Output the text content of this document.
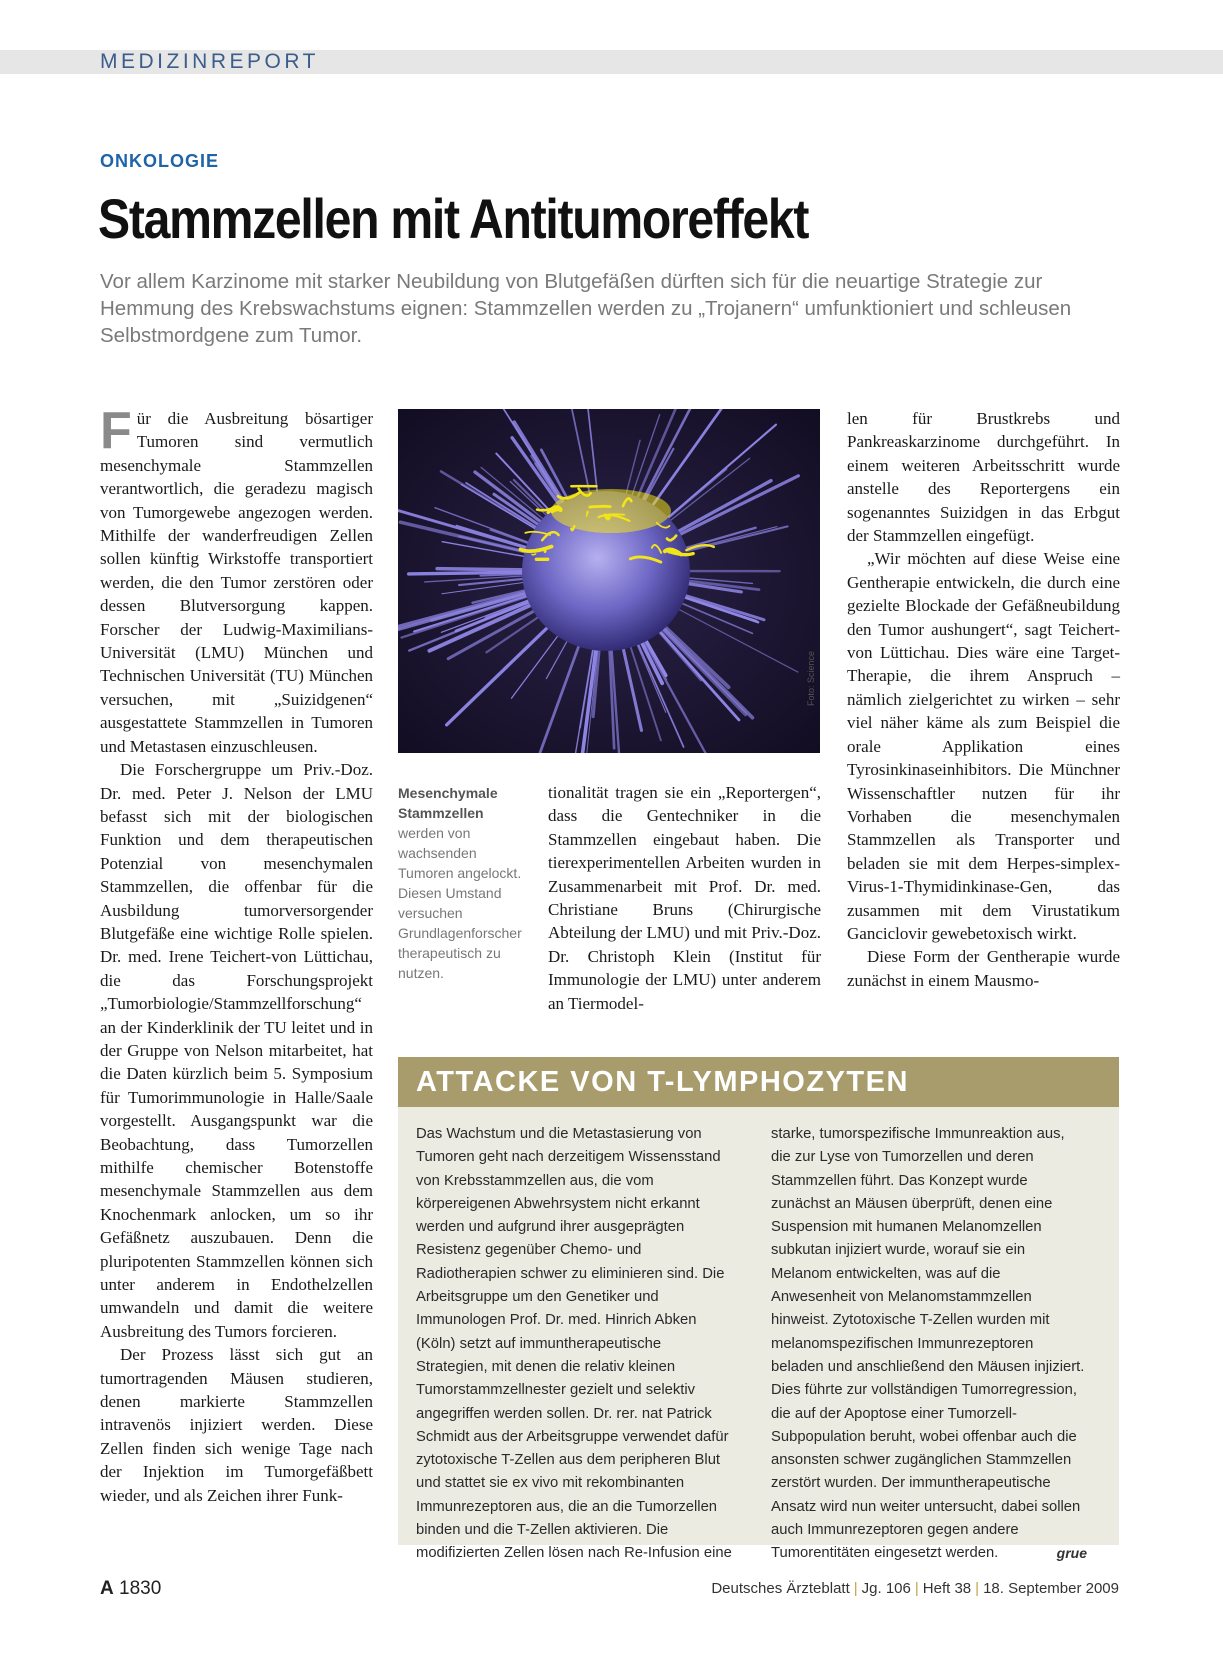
MEDIZINREPORT
ONKOLOGIE
Stammzellen mit Antitumoreffekt
Vor allem Karzinome mit starker Neubildung von Blutgefäßen dürften sich für die neuartige Strategie zur Hemmung des Krebswachstums eignen: Stammzellen werden zu „Trojanern“ umfunktioniert und schleusen Selbstmordgene zum Tumor.

Für die Ausbreitung bösartiger Tumoren sind vermutlich mesenchymale Stammzellen verantwortlich, die geradezu magisch von Tumorgewebe angezogen werden. Mithilfe der wanderfreudigen Zellen sollen künftig Wirkstoffe transportiert werden, die den Tumor zerstören oder dessen Blutversorgung kappen. Forscher der Ludwig-Maximilians-Universität (LMU) München und Technischen Universität (TU) München versuchen, mit „Suizidgenen“ ausgestattete Stammzellen in Tumoren und Metastasen einzuschleusen.

Die Forschergruppe um Priv.-Doz. Dr. med. Peter J. Nelson der LMU befasst sich mit der biologischen Funktion und dem therapeutischen Potenzial von mesenchymalen Stammzellen, die offenbar für die Ausbildung tumorversorgender Blutgefäße eine wichtige Rolle spielen. Dr. med. Irene Teichert-von Lüttichau, die das Forschungsprojekt „Tumorbiologie/Stammzellforschung“ an der Kinderklinik der TU leitet und in der Gruppe von Nelson mitarbeitet, hat die Daten kürzlich beim 5. Symposium für Tumorimmunologie in Halle/Saale vorgestellt. Ausgangspunkt war die Beobachtung, dass Tumorzellen mithilfe chemischer Botenstoffe mesenchymale Stammzellen aus dem Knochenmark anlocken, um so ihr Gefäßnetz auszubauen. Denn die pluripotenten Stammzellen können sich unter anderem in Endothelzellen umwandeln und damit die weitere Ausbreitung des Tumors forcieren.

Der Prozess lässt sich gut an tumortragenden Mäusen studieren, denen markierte Stammzellen intravenös injiziert werden. Diese Zellen finden sich wenige Tage nach der Injektion im Tumorgefäßbett wieder, und als Zeichen ihrer Funk-

Foto: Science
Mesenchymale Stammzellen werden von wachsenden Tumoren angelockt. Diesen Umstand versuchen Grundlagenforscher therapeutisch zu nutzen.

tionalität tragen sie ein „Reportergen“, dass die Gentechniker in die Stammzellen eingebaut haben. Die tierexperimentellen Arbeiten wurden in Zusammenarbeit mit Prof. Dr. med. Christiane Bruns (Chirurgische Abteilung der LMU) und mit Priv.-Doz. Dr. Christoph Klein (Institut für Immunologie der LMU) unter anderem an Tiermodel-

len für Brustkrebs und Pankreaskarzinome durchgeführt. In einem weiteren Arbeitsschritt wurde anstelle des Reportergens ein sogenanntes Suizidgen in das Erbgut der Stammzellen eingefügt.

„Wir möchten auf diese Weise eine Gentherapie entwickeln, die durch eine gezielte Blockade der Gefäßneubildung den Tumor aushungert“, sagt Teichert-von Lüttichau. Dies wäre eine Target-Therapie, die ihrem Anspruch – nämlich zielgerichtet zu wirken – sehr viel näher käme als zum Beispiel die orale Applikation eines Tyrosinkinaseinhibitors. Die Münchner Wissenschaftler nutzen für ihr Vorhaben die mesenchymalen Stammzellen als Transporter und beladen sie mit dem Herpes-simplex-Virus-1-Thymidinkinase-Gen, das zusammen mit dem Virustatikum Ganciclovir gewebetoxisch wirkt.

Diese Form der Gentherapie wurde zunächst in einem Mausmo-

ATTACKE VON T-LYMPHOZYTEN

Das Wachstum und die Metastasierung von Tumoren geht nach derzeitigem Wissensstand von Krebsstammzellen aus, die vom körpereigenen Abwehrsystem nicht erkannt werden und aufgrund ihrer ausgeprägten Resistenz gegenüber Chemo- und Radiotherapien schwer zu eliminieren sind. Die Arbeitsgruppe um den Genetiker und Immunologen Prof. Dr. med. Hinrich Abken (Köln) setzt auf immuntherapeutische Strategien, mit denen die relativ kleinen Tumorstammzellnester gezielt und selektiv angegriffen werden sollen. Dr. rer. nat Patrick Schmidt aus der Arbeitsgruppe verwendet dafür zytotoxische T-Zellen aus dem peripheren Blut und stattet sie ex vivo mit rekombinanten Immunrezeptoren aus, die an die Tumorzellen binden und die T-Zellen aktivieren. Die modifizierten Zellen lösen nach Re-Infusion eine

starke, tumorspezifische Immunreaktion aus, die zur Lyse von Tumorzellen und deren Stammzellen führt. Das Konzept wurde zunächst an Mäusen überprüft, denen eine Suspension mit humanen Melanomzellen subkutan injiziert wurde, worauf sie ein Melanom entwickelten, was auf die Anwesenheit von Melanomstammzellen hinweist. Zytotoxische T-Zellen wurden mit melanomspezifischen Immunrezeptoren beladen und anschließend den Mäusen injiziert. Dies führte zur vollständigen Tumorregression, die auf der Apoptose einer Tumorzell-Subpopulation beruht, wobei offenbar auch die ansonsten schwer zugänglichen Stammzellen zerstört wurden. Der immuntherapeutische Ansatz wird nun weiter untersucht, dabei sollen auch Immunrezeptoren gegen andere Tumorentitäten eingesetzt werden.	grue

A 1830	Deutsches Ärzteblatt | Jg. 106 | Heft 38 | 18. September 2009
